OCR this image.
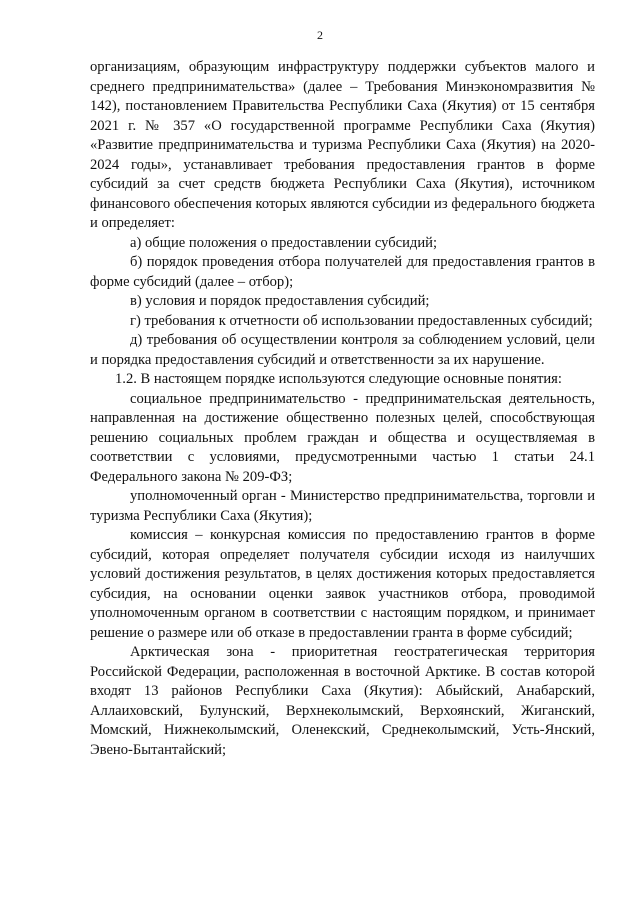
2

организациям, образующим инфраструктуру поддержки субъектов малого и среднего предпринимательства» (далее – Требования Минэкономразвития № 142), постановлением Правительства Республики Саха (Якутия) от 15 сентября 2021 г. № 357 «О государственной программе Республики Саха (Якутия) «Развитие предпринимательства и туризма Республики Саха (Якутия) на 2020-2024 годы», устанавливает требования предоставления грантов в форме субсидий за счет средств бюджета Республики Саха (Якутия), источником финансового обеспечения которых являются субсидии из федерального бюджета и определяет:

а) общие положения о предоставлении субсидий;

б) порядок проведения отбора получателей для предоставления грантов в форме субсидий (далее – отбор);

в) условия и порядок предоставления субсидий;

г) требования к отчетности об использовании предоставленных субсидий;

д) требования об осуществлении контроля за соблюдением условий, цели и порядка предоставления субсидий и ответственности за их нарушение.

1.2. В настоящем порядке используются следующие основные понятия:

социальное предпринимательство - предпринимательская деятельность, направленная на достижение общественно полезных целей, способствующая решению социальных проблем граждан и общества и осуществляемая в соответствии с условиями, предусмотренными частью 1 статьи 24.1 Федерального закона № 209-ФЗ;

уполномоченный орган - Министерство предпринимательства, торговли и туризма Республики Саха (Якутия);

комиссия – конкурсная комиссия по предоставлению грантов в форме субсидий, которая определяет получателя субсидии исходя из наилучших условий достижения результатов, в целях достижения которых предоставляется субсидия, на основании оценки заявок участников отбора, проводимой уполномоченным органом в соответствии с настоящим порядком, и принимает решение о размере или об отказе в предоставлении гранта в форме субсидий;

Арктическая зона - приоритетная геостратегическая территория Российской Федерации, расположенная в восточной Арктике. В состав которой входят 13 районов Республики Саха (Якутия): Абыйский, Анабарский, Аллаиховский, Булунский, Верхнеколымский, Верхоянский, Жиганский, Момский, Нижнеколымский, Оленекский, Среднеколымский, Усть-Янский, Эвено-Бытантайский;
